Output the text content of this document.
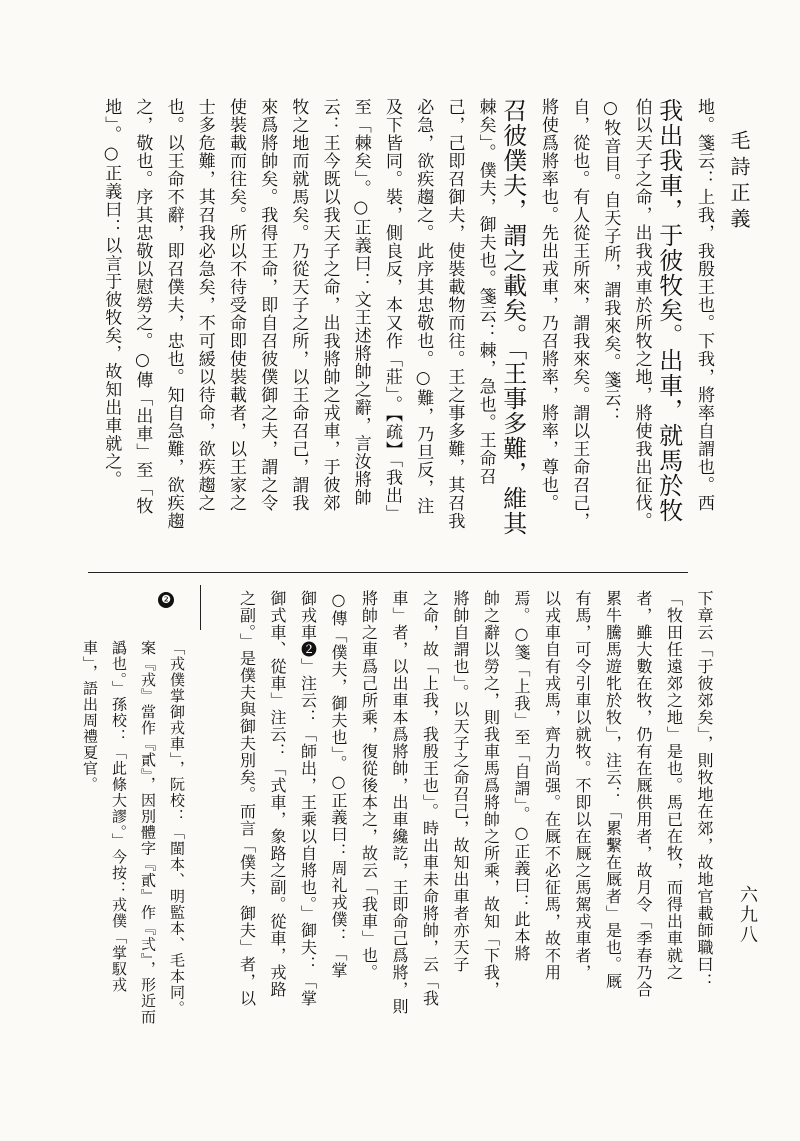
毛詩正義
六九八
地。箋云：上我，我殷王也。下我，將率自謂也。西
我出我車，于彼牧矣。出車，就馬於牧
伯以天子之命，出我戎車於所牧之地，將使我出征伐。
○牧音目。自天子所，謂我來矣。箋云：
自，從也。有人從王所來，謂我來矣。謂以王命召己，
將使爲將率也。先出戎車，乃召將率，將率，尊也。
召彼僕夫，謂之載矣。「王事多難，維其
棘矣」。僕夫，御夫也。箋云：棘，急也。王命召
己，己即召御夫，使裝載物而往。王之事多難，其召我
必急，欲疾趨之。此序其忠敬也。○難，乃旦反，注
及下皆同。裝，側良反，本又作「莊」。【疏】「我出」
至「棘矣」。○正義曰：文王述將帥之辭，言汝將帥
云：王今既以我天子之命，出我將帥之戎車，于彼郊
牧之地而就馬矣。乃從天子之所，以王命召己，謂我
來爲將帥矣。我得王命，即自召彼僕御之夫，謂之令
使裝載而往矣。所以不待受命即使裝載者，以王家之
士多危難，其召我必急矣，不可緩以待命，欲疾趨之
也。以王命不辭，即召僕夫，忠也。知自急難，欲疾趨
之，敬也。序其忠敬以慰勞之。○傳「出車」至「牧
地」。○正義曰：以言于彼牧矣，故知出車就之。
下章云「于彼郊矣」，則牧地在郊，故地官載師職曰：
「牧田任遠郊之地」是也。馬已在牧，而得出車就之
者，雖大數在牧，仍有在厩供用者，故月令「季春乃合
累牛騰馬遊牝於牧」，注云：「累繫在厩者」是也。厩
有馬，可令引車以就牧。不即以在厩之馬駕戎車者，
以戎車自有戎馬，齊力尚强。在厩不必征馬，故不用
焉。○箋「上我」至「自謂」。○正義曰：此本將
帥之辭以勞之，則我車馬爲將帥之所乘，故知「下我，
將帥自謂也」。以天子之命召己，故知出車者亦天子
之命，故「上我，我殷王也」。時出車未命將帥，云「我
車」者，以出車本爲將帥，出車纔訖，王即命己爲將，則
將帥之車爲己所乘，復從後本之，故云「我車」也。
○傳「僕夫，御夫也」。○正義曰：周礼戎僕：「掌
御戎車❷」注云：「師出，王乘以自將也。」御夫：「掌
御式車、從車」注云：「式車，象路之副。從車，戎路
之副。」是僕夫與御夫別矣。而言「僕夫，御夫」者，以
❷
「戎僕掌御戎車」，阮校：「閩本、明監本、毛本同。
案『戎』當作『貳』，因別體字『貳』作『弍』，形近而
譌也。」孫校：「此條大謬。」今按：戎僕「掌馭戎
車」，語出周禮夏官。
